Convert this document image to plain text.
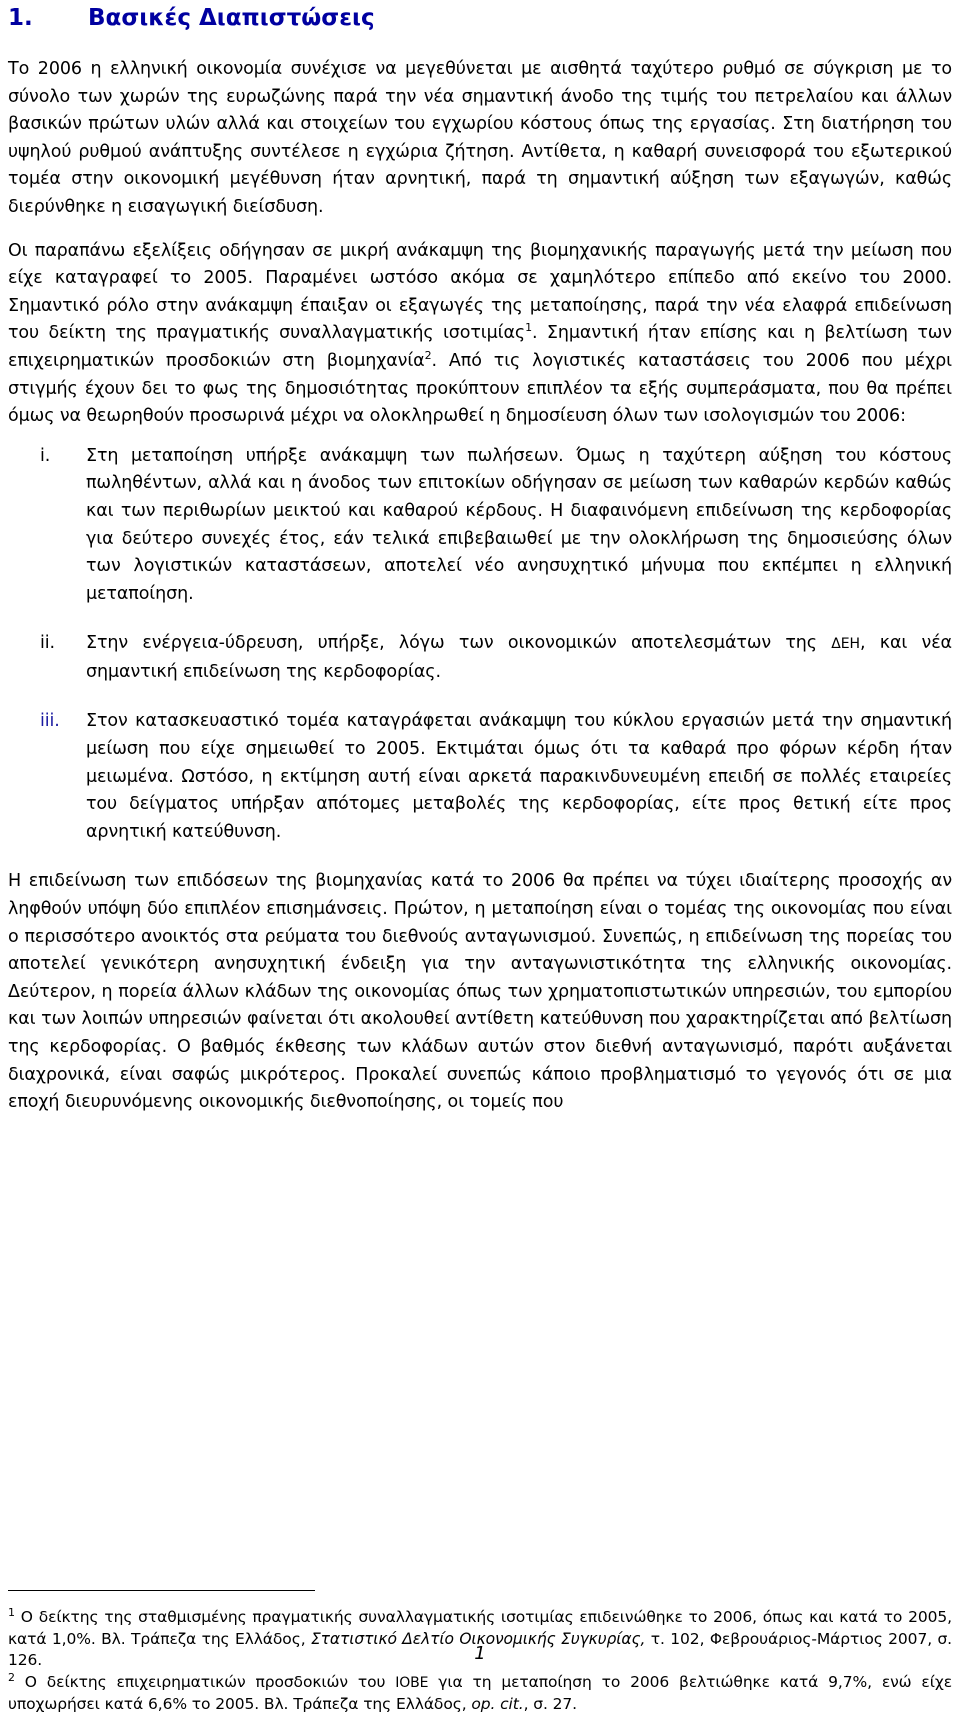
1. Βασικές Διαπιστώσεις

Το 2006 η ελληνική οικονομία συνέχισε να μεγεθύνεται με αισθητά ταχύτερο ρυθμό σε σύγκριση με το σύνολο των χωρών της ευρωζώνης παρά την νέα σημαντική άνοδο της τιμής του πετρελαίου και άλλων βασικών πρώτων υλών αλλά και στοιχείων του εγχωρίου κόστους όπως της εργασίας. Στη διατήρηση του υψηλού ρυθμού ανάπτυξης συντέλεσε η εγχώρια ζήτηση. Αντίθετα, η καθαρή συνεισφορά του εξωτερικού τομέα στην οικονομική μεγέθυνση ήταν αρνητική, παρά τη σημαντική αύξηση των εξαγωγών, καθώς διερύνθηκε η εισαγωγική διείσδυση.

Οι παραπάνω εξελίξεις οδήγησαν σε μικρή ανάκαμψη της βιομηχανικής παραγωγής μετά την μείωση που είχε καταγραφεί το 2005. Παραμένει ωστόσο ακόμα σε χαμηλότερο επίπεδο από εκείνο του 2000. Σημαντικό ρόλο στην ανάκαμψη έπαιξαν οι εξαγωγές της μεταποίησης, παρά την νέα ελαφρά επιδείνωση του δείκτη της πραγματικής συναλλαγματικής ισοτιμίας$^1$. Σημαντική ήταν επίσης και η βελτίωση των επιχειρηματικών προσδοκιών στη βιομηχανία$^2$. Από τις λογιστικές καταστάσεις του 2006 που μέχρι στιγμής έχουν δει το φως της δημοσιότητας προκύπτουν επιπλέον τα εξής συμπεράσματα, που θα πρέπει όμως να θεωρηθούν προσωρινά μέχρι να ολοκληρωθεί η δημοσίευση όλων των ισολογισμών του 2006:

i. Στη μεταποίηση υπήρξε ανάκαμψη των πωλήσεων. Όμως η ταχύτερη αύξηση του κόστους πωληθέντων, αλλά και η άνοδος των επιτοκίων οδήγησαν σε μείωση των καθαρών κερδών καθώς και των περιθωρίων μεικτού και καθαρού κέρδους. Η διαφαινόμενη επιδείνωση της κερδοφορίας για δεύτερο συνεχές έτος, εάν τελικά επιβεβαιωθεί με την ολοκλήρωση της δημοσιεύσης όλων των λογιστικών καταστάσεων, αποτελεί νέο ανησυχητικό μήνυμα που εκπέμπει η ελληνική μεταποίηση.
ii. Στην ενέργεια-ύδρευση, υπήρξε, λόγω των οικονομικών αποτελεσμάτων της ΔΕΗ, και νέα σημαντική επιδείνωση της κερδοφορίας.
iii. Στον κατασκευαστικό τομέα καταγράφεται ανάκαμψη του κύκλου εργασιών μετά την σημαντική μείωση που είχε σημειωθεί το 2005. Εκτιμάται όμως ότι τα καθαρά προ φόρων κέρδη ήταν μειωμένα. Ωστόσο, η εκτίμηση αυτή είναι αρκετά παρακινδυνευμένη επειδή σε πολλές εταιρείες του δείγματος υπήρξαν απότομες μεταβολές της κερδοφορίας, είτε προς θετική είτε προς αρνητική κατεύθυνση.

Η επιδείνωση των επιδόσεων της βιομηχανίας κατά το 2006 θα πρέπει να τύχει ιδιαίτερης προσοχής αν ληφθούν υπόψη δύο επιπλέον επισημάνσεις. Πρώτον, η μεταποίηση είναι ο τομέας της οικονομίας που είναι ο περισσότερο ανοικτός στα ρεύματα του διεθνούς ανταγωνισμού. Συνεπώς, η επιδείνωση της πορείας του αποτελεί γενικότερη ανησυχητική ένδειξη για την ανταγωνιστικότητα της ελληνικής οικονομίας. Δεύτερον, η πορεία άλλων κλάδων της οικονομίας όπως των χρηματοπιστωτικών υπηρεσιών, του εμπορίου και των λοιπών υπηρεσιών φαίνεται ότι ακολουθεί αντίθετη κατεύθυνση που χαρακτηρίζεται από βελτίωση της κερδοφορίας. Ο βαθμός έκθεσης των κλάδων αυτών στον διεθνή ανταγωνισμό, παρότι αυξάνεται διαχρονικά, είναι σαφώς μικρότερος. Προκαλεί συνεπώς κάποιο προβληματισμό το γεγονός ότι σε μια εποχή διευρυνόμενης οικονομικής διεθνοποίησης, οι τομείς που

$^1$ Ο δείκτης της σταθμισμένης πραγματικής συναλλαγματικής ισοτιμίας επιδεινώθηκε το 2006, όπως και κατά το 2005, κατά 1,0%. Βλ. Τράπεζα της Ελλάδος, Στατιστικό Δελτίο Οικονομικής Συγκυρίας, τ. 102, Φεβρουάριος-Μάρτιος 2007, σ. 126.

$^2$ Ο δείκτης επιχειρηματικών προσδοκιών του ΙΟΒΕ για τη μεταποίηση το 2006 βελτιώθηκε κατά 9,7%, ενώ είχε υποχωρήσει κατά 6,6% το 2005. Βλ. Τράπεζα της Ελλάδος, op. cit., σ. 27.

1
